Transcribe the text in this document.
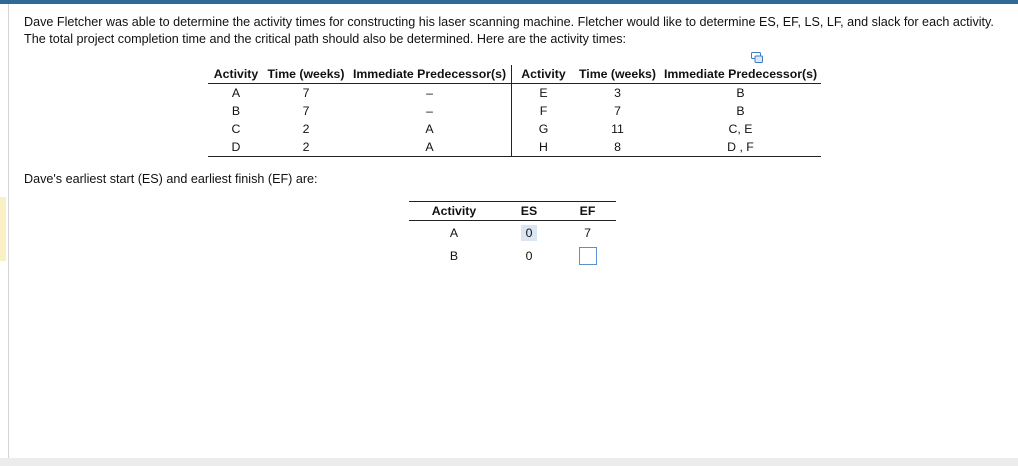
Dave Fletcher was able to determine the activity times for constructing his laser scanning machine. Fletcher would like to determine ES, EF, LS, LF, and slack for each activity. The total project completion time and the critical path should also be determined. Here are the activity times:
Activity	Time (weeks)	Immediate Predecessor(s)	Activity	Time (weeks)	Immediate Predecessor(s)
A	7	–	E	3	B
B	7	–	F	7	B
C	2	A	G	11	C, E
D	2	A	H	8	D , F
Dave's earliest start (ES) and earliest finish (EF) are:
Activity	ES	EF
A	0	7
B	0	
